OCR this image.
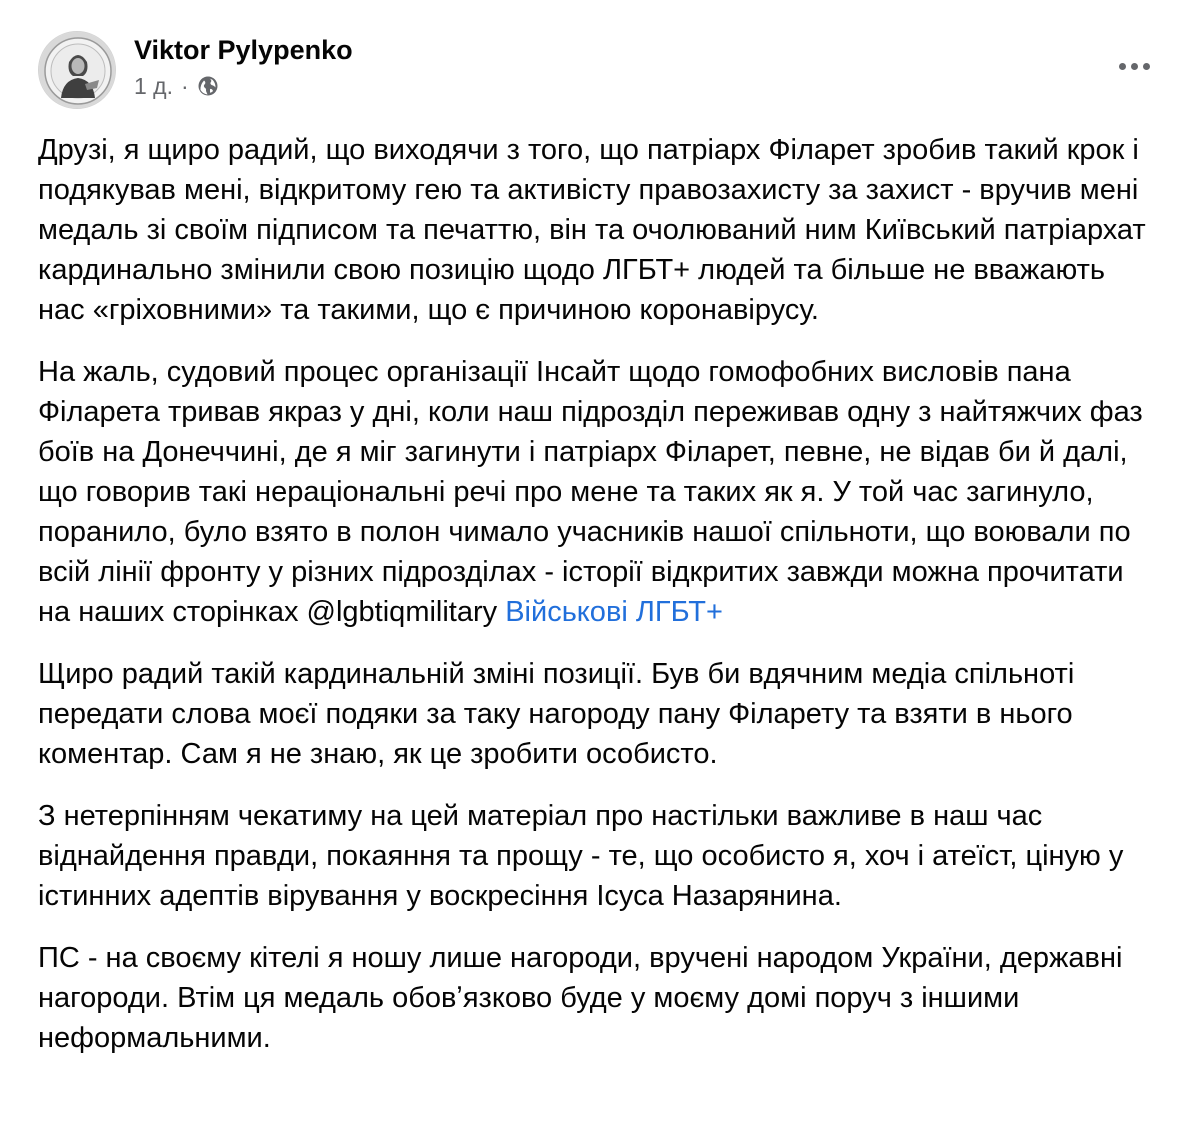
Viktor Pylypenko
1 д. ·

Друзі, я щиро радий, що виходячи з того, що патріарх Філарет зробив такий крок і подякував мені, відкритому гею та активісту правозахисту за захист - вручив мені медаль зі своїм підписом та печаттю, він та очолюваний ним Київський патріархат кардинально змінили свою позицію щодо ЛГБТ+ людей та більше не вважають нас «гріховними» та такими, що є причиною коронавірусу.

На жаль, судовий процес організації Інсайт щодо гомофобних висловів пана Філарета тривав якраз у дні, коли наш підрозділ переживав одну з найтяжчих фаз боїв на Донеччині, де я міг загинути і патріарх Філарет, певне, не відав би й далі, що говорив такі нераціональні речі про мене та таких як я. У той час загинуло, поранило, було взято в полон чимало учасників нашої спільноти, що воювали по всій лінії фронту у різних підрозділах - історії відкритих завжди можна прочитати на наших сторінках @lgbtiqmilitary Військові ЛГБТ+

Щиро радий такій кардинальній зміні позиції. Був би вдячним медіа спільноті передати слова моєї подяки за таку нагороду пану Філарету та взяти в нього коментар. Сам я не знаю, як це зробити особисто.

З нетерпінням чекатиму на цей матеріал про настільки важливе в наш час віднайдення правди, покаяння та прощу - те, що особисто я, хоч і атеїст, ціную у істинних адептів вірування у воскресіння Ісуса Назарянина.

ПС - на своєму кітелі я ношу лише нагороди, вручені народом України, державні нагороди. Втім ця медаль обовʼязково буде у моєму домі поруч з іншими неформальними.
